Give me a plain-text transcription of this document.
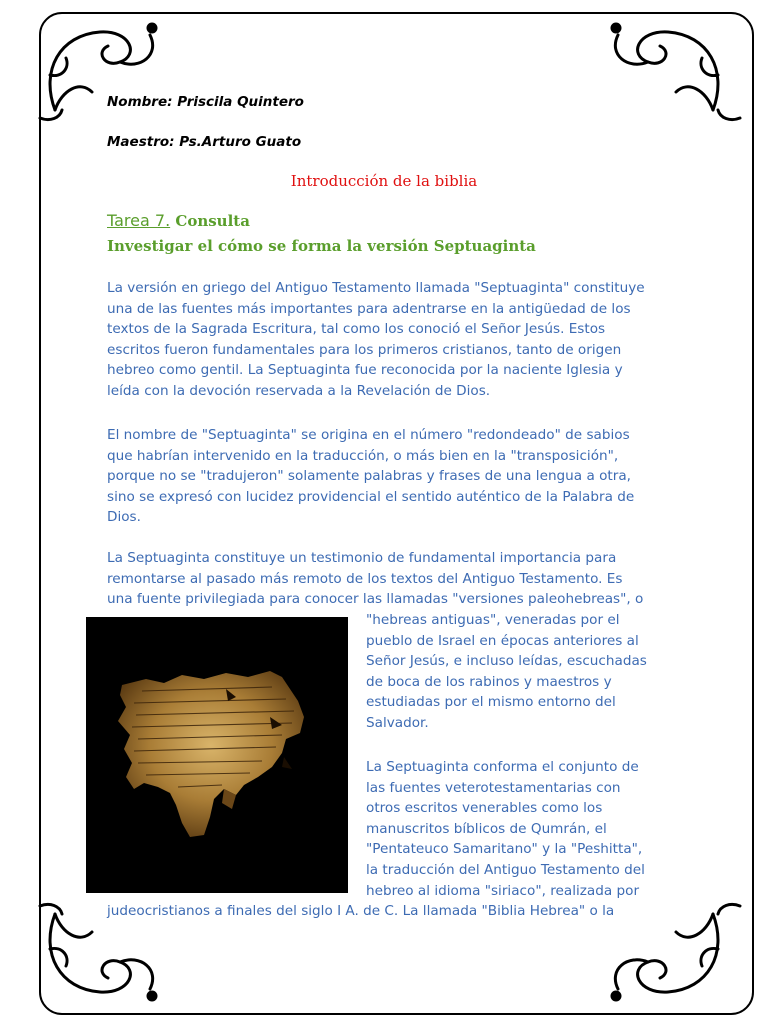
Nombre: Priscila Quintero
Maestro: Ps.Arturo Guato
Introducción de la biblia
Tarea 7. Consulta
Investigar el cómo se forma la versión Septuaginta
La versión en griego del Antiguo Testamento llamada "Septuaginta" constituye
una de las fuentes más importantes para adentrarse en la antigüedad de los
textos de la Sagrada Escritura, tal como los conoció el Señor Jesús. Estos
escritos fueron fundamentales para los primeros cristianos, tanto de origen
hebreo como gentil. La Septuaginta fue reconocida por la naciente Iglesia y
leída con la devoción reservada a la Revelación de Dios.
El nombre de "Septuaginta" se origina en el número "redondeado" de sabios
que habrían intervenido en la traducción, o más bien en la "transposición",
porque no se "tradujeron" solamente palabras y frases de una lengua a otra,
sino se expresó con lucidez providencial el sentido auténtico de la Palabra de
Dios.
La Septuaginta constituye un testimonio de fundamental importancia para
remontarse al pasado más remoto de los textos del Antiguo Testamento. Es
una fuente privilegiada para conocer las llamadas "versiones paleohebreas", o
"hebreas antiguas", veneradas por el
pueblo de Israel en épocas anteriores al
Señor Jesús, e incluso leídas, escuchadas
de boca de los rabinos y maestros y
estudiadas por el mismo entorno del
Salvador.
La Septuaginta conforma el conjunto de
las fuentes veterotestamentarias con
otros escritos venerables como los
manuscritos bíblicos de Qumrán, el
"Pentateuco Samaritano" y la "Peshitta",
la traducción del Antiguo Testamento del
hebreo al idioma "siriaco", realizada por
judeocristianos a finales del siglo I A. de C. La llamada "Biblia Hebrea" o la
